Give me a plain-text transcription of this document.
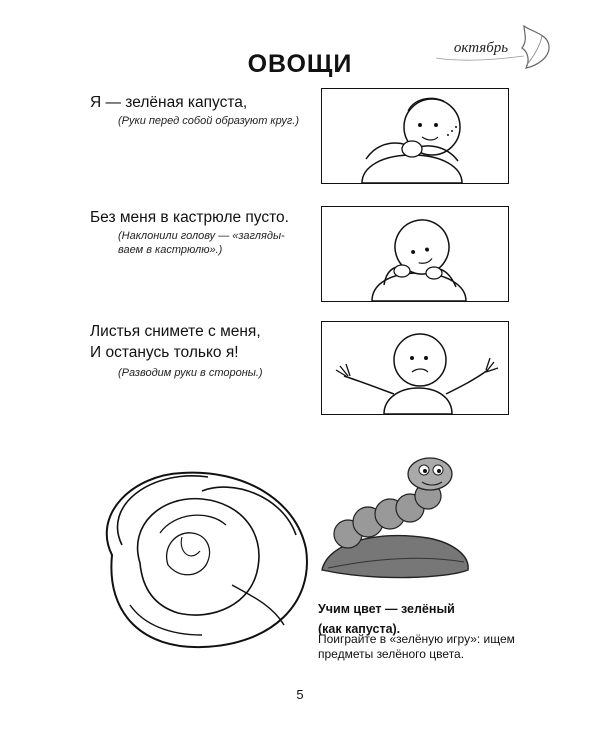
октябрь
ОВОЩИ
Я — зелёная капуста,
(Руки перед собой образуют круг.)
Без меня в кастрюле пусто.
(Наклонили голову — «загляды-
ваем в кастрюлю».)
Листья снимете с меня,
И останусь только я!
(Разводим руки в стороны.)
Учим цвет — зелёный
(как капуста).
Поиграйте в «зелёную игру»: ищем
предметы зелёного цвета.
5
